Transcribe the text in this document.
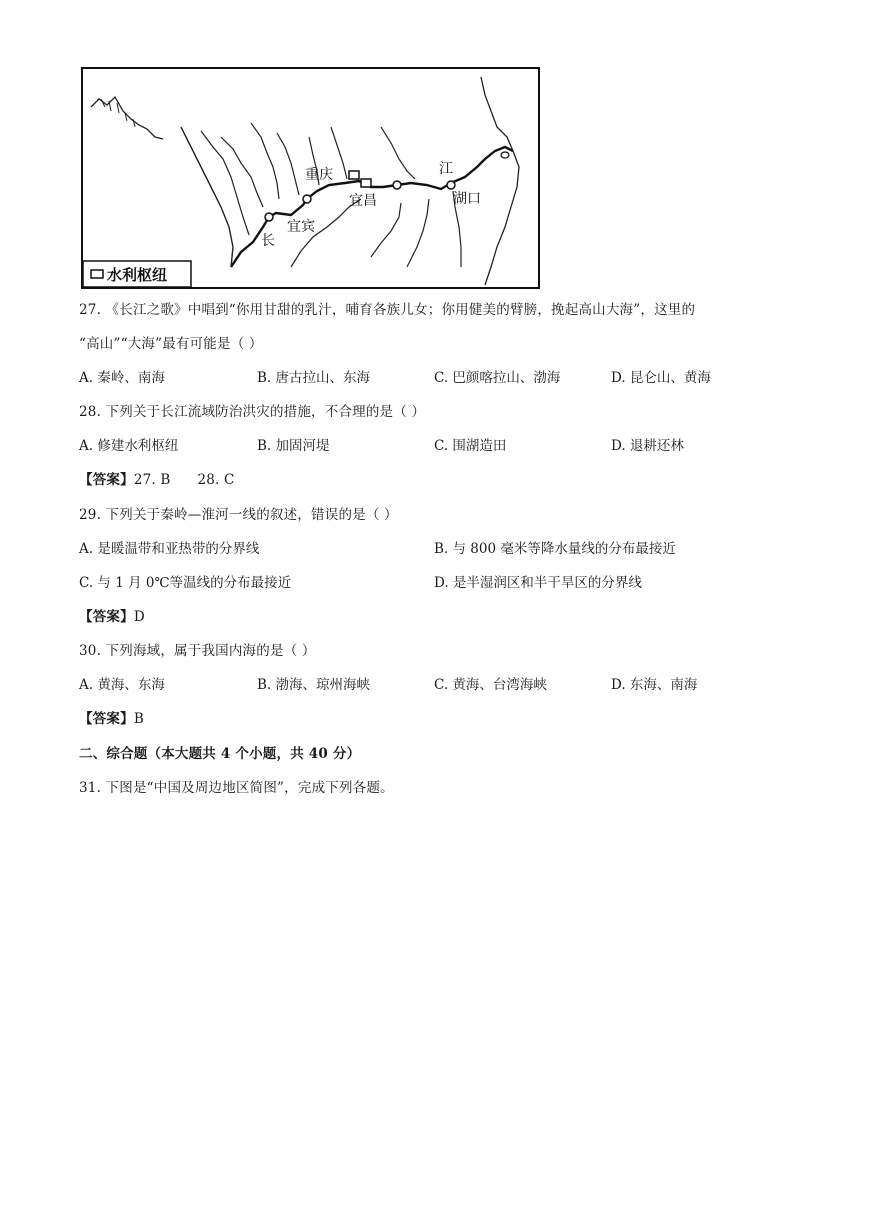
重庆
宜昌
宜宾
长
江
湖口
水利枢纽
27. 《长江之歌》中唱到“你用甘甜的乳汁，哺育各族儿女；你用健美的臂膀，挽起高山大海”，这里的
“高山”“大海”最有可能是（ ）
A. 秦岭、南海	B. 唐古拉山、东海	C. 巴颜喀拉山、渤海	D. 昆仑山、黄海
28. 下列关于长江流域防治洪灾的措施，不合理的是（ ）
A. 修建水利枢纽	B. 加固河堤	C. 围湖造田	D. 退耕还林
【答案】27. B      28. C
29. 下列关于秦岭—淮河一线的叙述，错误的是（ ）
A. 是暖温带和亚热带的分界线	B. 与 800 毫米等降水量线的分布最接近
C. 与 1 月 0℃等温线的分布最接近	D. 是半湿润区和半干旱区的分界线
【答案】D
30. 下列海域，属于我国内海的是（ ）
A. 黄海、东海	B. 渤海、琼州海峡	C. 黄海、台湾海峡	D. 东海、南海
【答案】B
二、综合题（本大题共 4 个小题，共 40 分）
31. 下图是“中国及周边地区简图”，完成下列各题。
